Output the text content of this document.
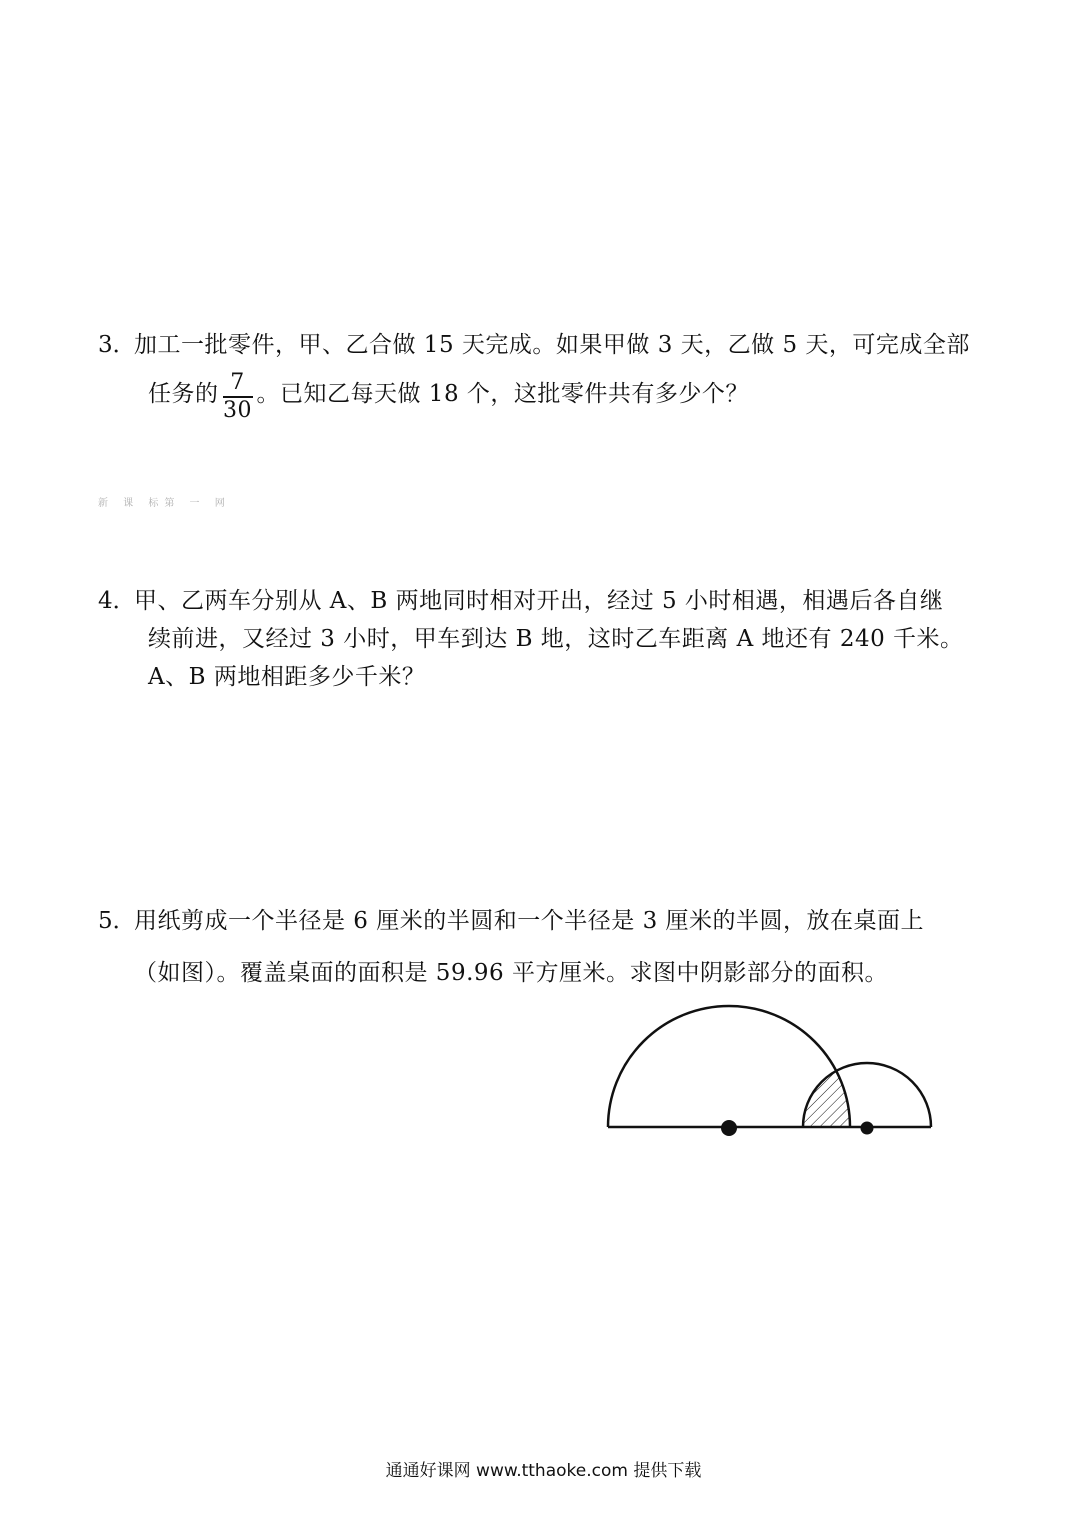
3．
加工一批零件，甲、乙合做 15 天完成。如果甲做 3 天，乙做 5 天，可完成全部
任务的 $\frac{7}{30}$ 。已知乙每天做 18 个，这批零件共有多少个？
新 课 标第 一 网
4．
甲、乙两车分别从 A、B 两地同时相对开出，经过 5 小时相遇，相遇后各自继
续前进，又经过 3 小时，甲车到达 B 地，这时乙车距离 A 地还有 240 千米。
A、B 两地相距多少千米？
5．
用纸剪成一个半径是 6 厘米的半圆和一个半径是 3 厘米的半圆，放在桌面上
（如图）。覆盖桌面的面积是 59.96 平方厘米。求图中阴影部分的面积。
通通好课网 www.tthaoke.com 提供下载
